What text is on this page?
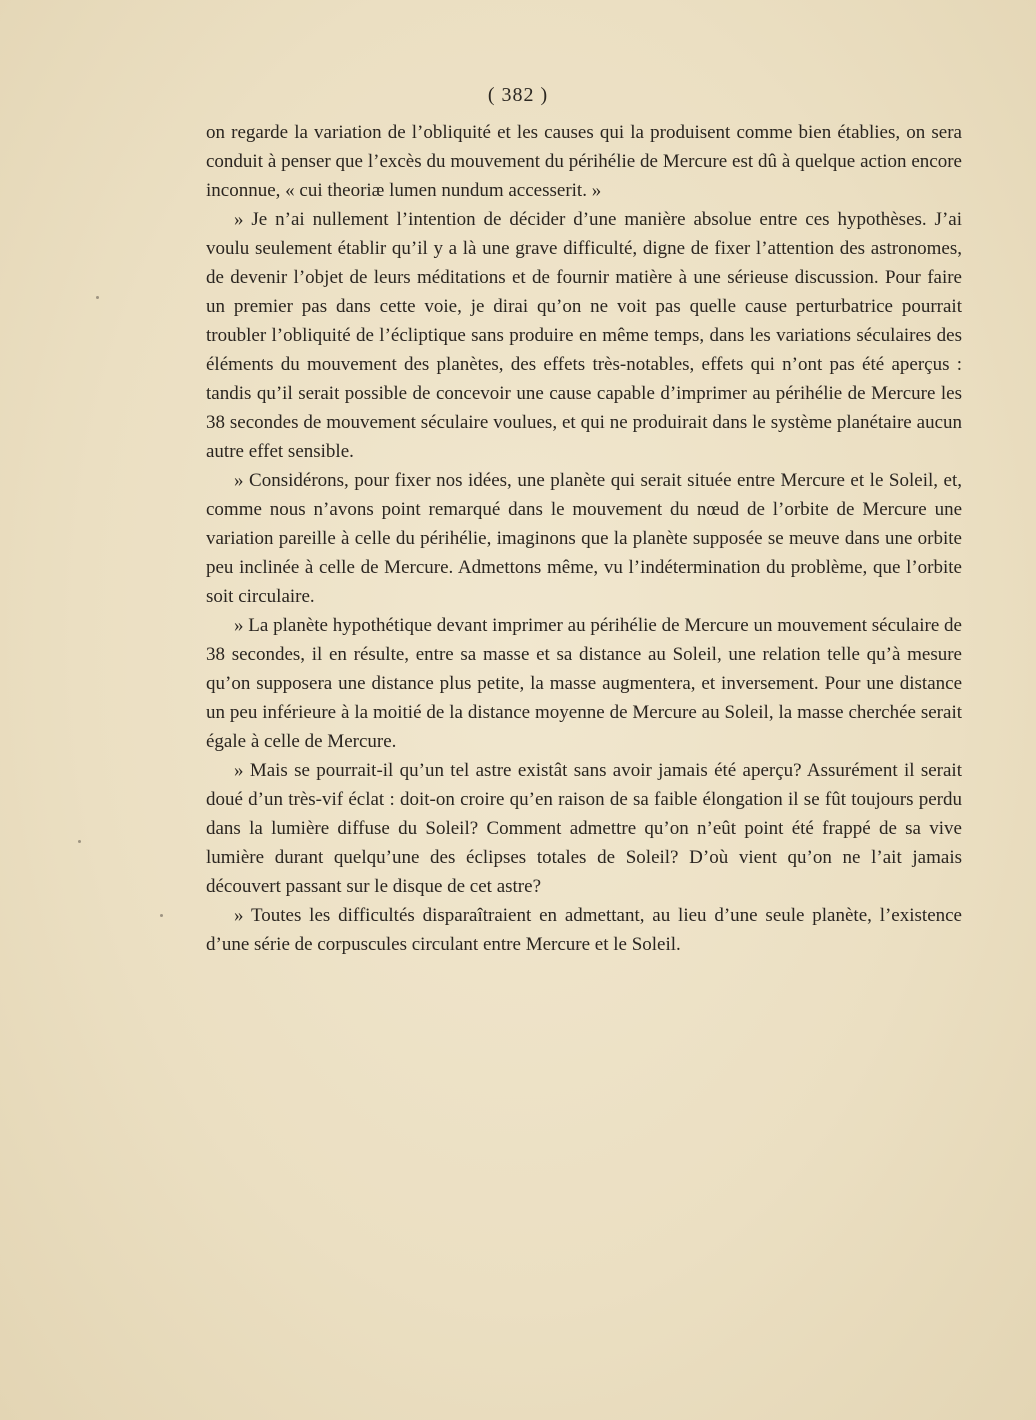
( 382 )

on regarde la variation de l’obliquité et les causes qui la produisent comme bien établies, on sera conduit à penser que l’excès du mouvement du périhélie de Mercure est dû à quelque action encore inconnue, « cui theoriæ lumen nundum accesserit. »

» Je n’ai nullement l’intention de décider d’une manière absolue entre ces hypothèses. J’ai voulu seulement établir qu’il y a là une grave difficulté, digne de fixer l’attention des astronomes, de devenir l’objet de leurs méditations et de fournir matière à une sérieuse discussion. Pour faire un premier pas dans cette voie, je dirai qu’on ne voit pas quelle cause perturbatrice pourrait troubler l’obliquité de l’écliptique sans produire en même temps, dans les variations séculaires des éléments du mouvement des planètes, des effets très-notables, effets qui n’ont pas été aperçus : tandis qu’il serait possible de concevoir une cause capable d’imprimer au périhélie de Mercure les 38 secondes de mouvement séculaire voulues, et qui ne produirait dans le système planétaire aucun autre effet sensible.

» Considérons, pour fixer nos idées, une planète qui serait située entre Mercure et le Soleil, et, comme nous n’avons point remarqué dans le mouvement du nœud de l’orbite de Mercure une variation pareille à celle du périhélie, imaginons que la planète supposée se meuve dans une orbite peu inclinée à celle de Mercure. Admettons même, vu l’indétermination du problème, que l’orbite soit circulaire.

» La planète hypothétique devant imprimer au périhélie de Mercure un mouvement séculaire de 38 secondes, il en résulte, entre sa masse et sa distance au Soleil, une relation telle qu’à mesure qu’on supposera une distance plus petite, la masse augmentera, et inversement. Pour une distance un peu inférieure à la moitié de la distance moyenne de Mercure au Soleil, la masse cherchée serait égale à celle de Mercure.

» Mais se pourrait-il qu’un tel astre existât sans avoir jamais été aperçu? Assurément il serait doué d’un très-vif éclat : doit-on croire qu’en raison de sa faible élongation il se fût toujours perdu dans la lumière diffuse du Soleil? Comment admettre qu’on n’eût point été frappé de sa vive lumière durant quelqu’une des éclipses totales de Soleil? D’où vient qu’on ne l’ait jamais découvert passant sur le disque de cet astre?

» Toutes les difficultés disparaîtraient en admettant, au lieu d’une seule planète, l’existence d’une série de corpuscules circulant entre Mercure et le Soleil.
